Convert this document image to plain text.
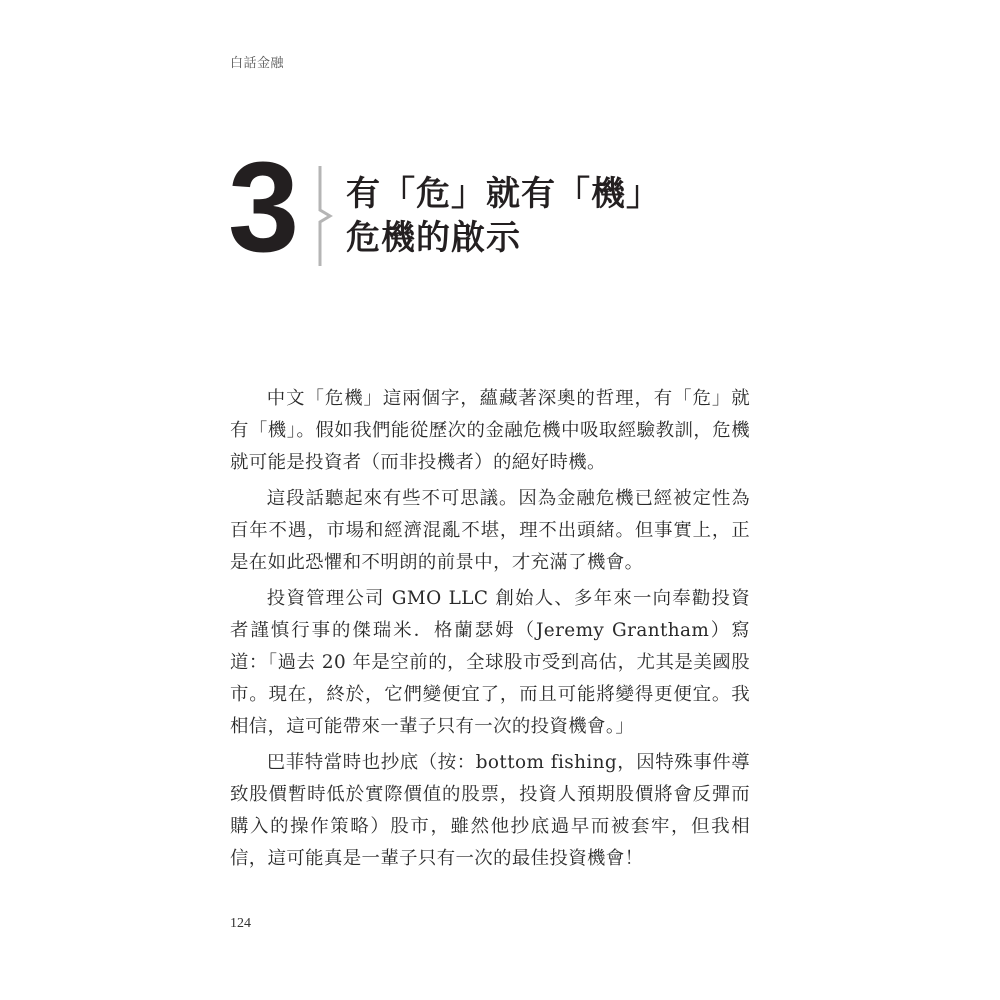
白話金融
3 有「危」就有「機」
危機的啟示

中文「危機」這兩個字，蘊藏著深奧的哲理，有「危」就有「機」。假如我們能從歷次的金融危機中吸取經驗教訓，危機就可能是投資者（而非投機者）的絕好時機。

這段話聽起來有些不可思議。因為金融危機已經被定性為百年不遇，市場和經濟混亂不堪，理不出頭緒。但事實上，正是在如此恐懼和不明朗的前景中，才充滿了機會。

投資管理公司 GMO LLC 創始人、多年來一向奉勸投資者謹慎行事的傑瑞米．格蘭瑟姆（Jeremy Grantham）寫道：「過去 20 年是空前的，全球股市受到高估，尤其是美國股市。現在，終於，它們變便宜了，而且可能將變得更便宜。我相信，這可能帶來一輩子只有一次的投資機會。」

巴菲特當時也抄底（按：bottom fishing，因特殊事件導致股價暫時低於實際價值的股票，投資人預期股價將會反彈而購入的操作策略）股市，雖然他抄底過早而被套牢，但我相信，這可能真是一輩子只有一次的最佳投資機會！

124
